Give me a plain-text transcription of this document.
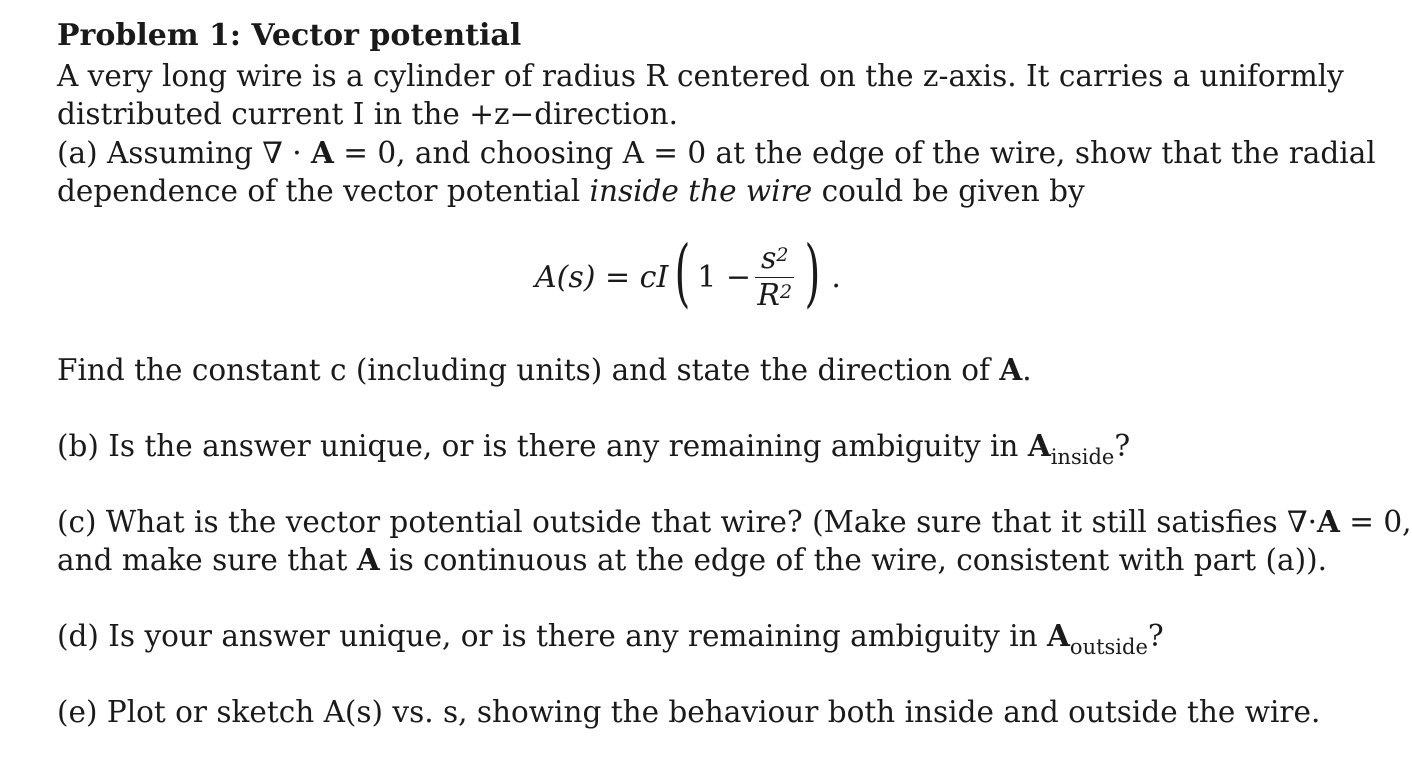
Problem 1: Vector potential
A very long wire is a cylinder of radius R centered on the z-axis. It carries a uniformly
distributed current I in the +z−direction.
(a) Assuming ∇ · A = 0, and choosing A = 0 at the edge of the wire, show that the radial
dependence of the vector potential inside the wire could be given by
A(s) = cI ( $1 - \frac{s^2}{R^2}$ ) .
Find the constant c (including units) and state the direction of A.
(b) Is the answer unique, or is there any remaining ambiguity in $A_{inside}$?
(c) What is the vector potential outside that wire? (Make sure that it still satisfies ∇·A = 0,
and make sure that A is continuous at the edge of the wire, consistent with part (a)).
(d) Is your answer unique, or is there any remaining ambiguity in $A_{outside}$?
(e) Plot or sketch A(s) vs. s, showing the behaviour both inside and outside the wire.
